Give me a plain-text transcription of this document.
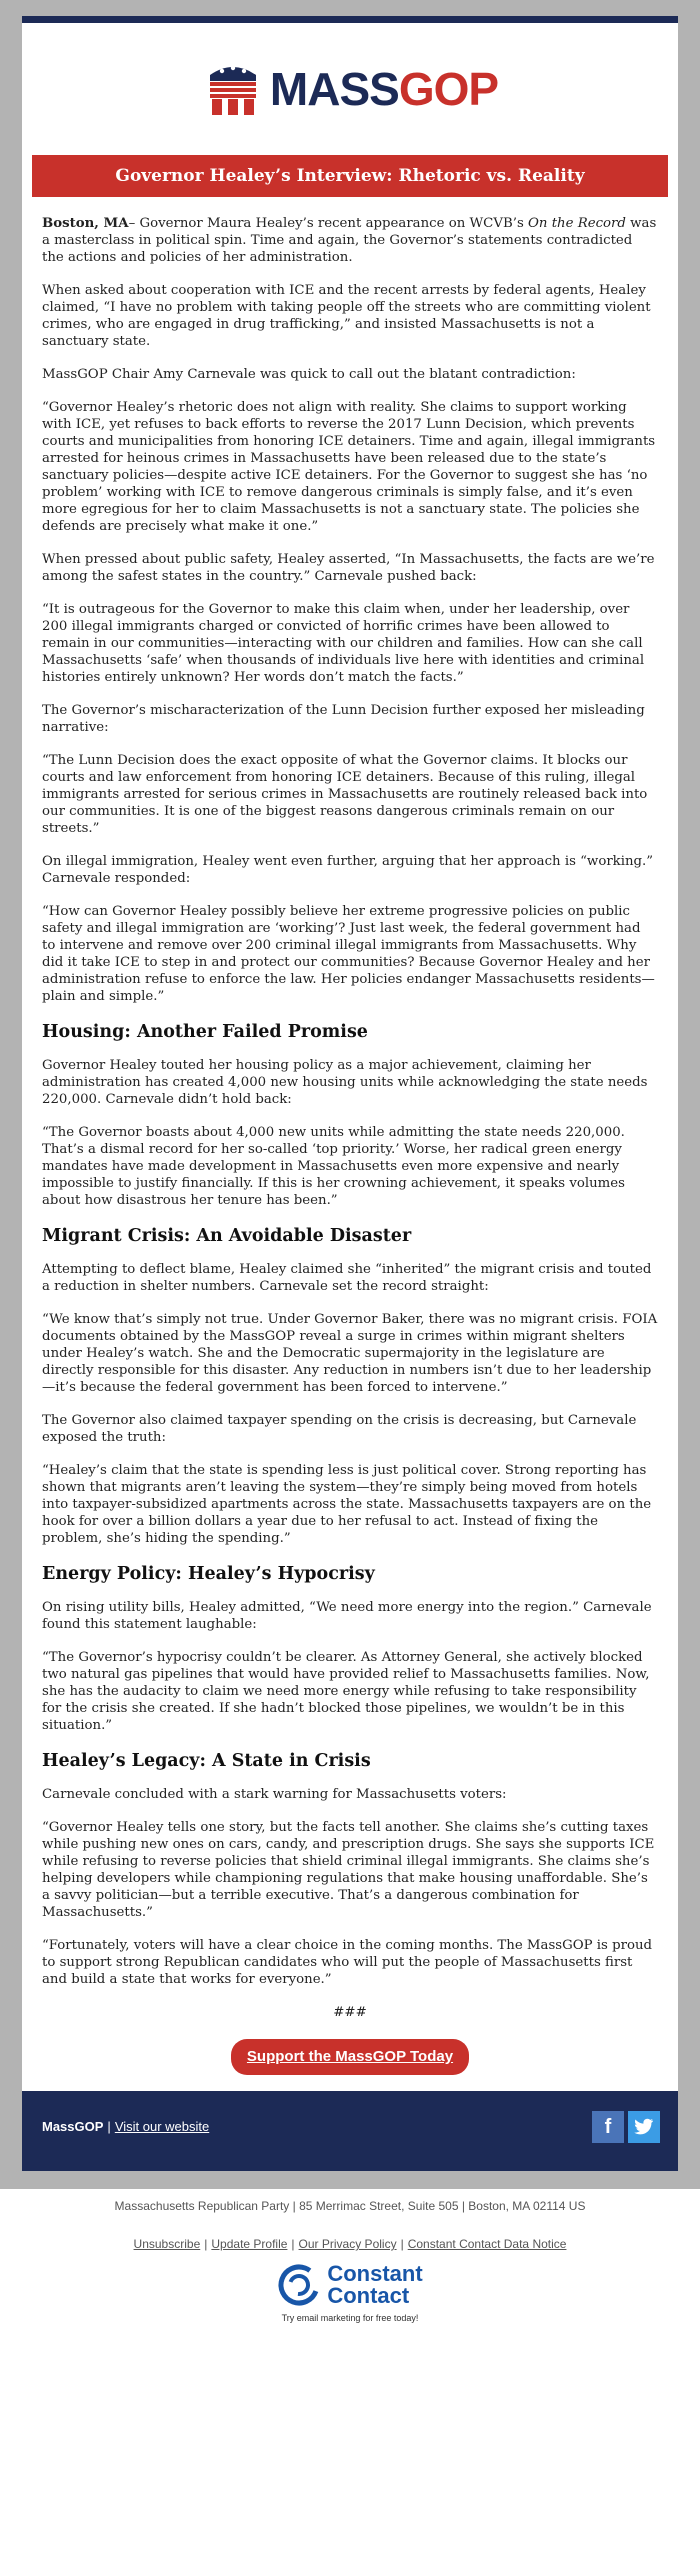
MASSGOP
Governor Healey’s Interview: Rhetoric vs. Reality

Boston, MA– Governor Maura Healey’s recent appearance on WCVB’s On the Record was a masterclass in political spin. Time and again, the Governor’s statements contradicted the actions and policies of her administration.

When asked about cooperation with ICE and the recent arrests by federal agents, Healey claimed, “I have no problem with taking people off the streets who are committing violent crimes, who are engaged in drug trafficking,” and insisted Massachusetts is not a sanctuary state.

MassGOP Chair Amy Carnevale was quick to call out the blatant contradiction:

“Governor Healey’s rhetoric does not align with reality. She claims to support working with ICE, yet refuses to back efforts to reverse the 2017 Lunn Decision, which prevents courts and municipalities from honoring ICE detainers. Time and again, illegal immigrants arrested for heinous crimes in Massachusetts have been released due to the state’s sanctuary policies—despite active ICE detainers. For the Governor to suggest she has ‘no problem’ working with ICE to remove dangerous criminals is simply false, and it’s even more egregious for her to claim Massachusetts is not a sanctuary state. The policies she defends are precisely what make it one.”

When pressed about public safety, Healey asserted, “In Massachusetts, the facts are we’re among the safest states in the country.” Carnevale pushed back:

“It is outrageous for the Governor to make this claim when, under her leadership, over 200 illegal immigrants charged or convicted of horrific crimes have been allowed to remain in our communities—interacting with our children and families. How can she call Massachusetts ‘safe’ when thousands of individuals live here with identities and criminal histories entirely unknown? Her words don’t match the facts.”

The Governor’s mischaracterization of the Lunn Decision further exposed her misleading narrative:

“The Lunn Decision does the exact opposite of what the Governor claims. It blocks our courts and law enforcement from honoring ICE detainers. Because of this ruling, illegal immigrants arrested for serious crimes in Massachusetts are routinely released back into our communities. It is one of the biggest reasons dangerous criminals remain on our streets.”

On illegal immigration, Healey went even further, arguing that her approach is “working.” Carnevale responded:

“How can Governor Healey possibly believe her extreme progressive policies on public safety and illegal immigration are ‘working’? Just last week, the federal government had to intervene and remove over 200 criminal illegal immigrants from Massachusetts. Why did it take ICE to step in and protect our communities? Because Governor Healey and her administration refuse to enforce the law. Her policies endanger Massachusetts residents—plain and simple.”

Housing: Another Failed Promise

Governor Healey touted her housing policy as a major achievement, claiming her administration has created 4,000 new housing units while acknowledging the state needs 220,000. Carnevale didn’t hold back:

“The Governor boasts about 4,000 new units while admitting the state needs 220,000. That’s a dismal record for her so-called ‘top priority.’ Worse, her radical green energy mandates have made development in Massachusetts even more expensive and nearly impossible to justify financially. If this is her crowning achievement, it speaks volumes about how disastrous her tenure has been.”

Migrant Crisis: An Avoidable Disaster

Attempting to deflect blame, Healey claimed she “inherited” the migrant crisis and touted a reduction in shelter numbers. Carnevale set the record straight:

“We know that’s simply not true. Under Governor Baker, there was no migrant crisis. FOIA documents obtained by the MassGOP reveal a surge in crimes within migrant shelters under Healey’s watch. She and the Democratic supermajority in the legislature are directly responsible for this disaster. Any reduction in numbers isn’t due to her leadership—it’s because the federal government has been forced to intervene.”

The Governor also claimed taxpayer spending on the crisis is decreasing, but Carnevale exposed the truth:

“Healey’s claim that the state is spending less is just political cover. Strong reporting has shown that migrants aren’t leaving the system—they’re simply being moved from hotels into taxpayer-subsidized apartments across the state. Massachusetts taxpayers are on the hook for over a billion dollars a year due to her refusal to act. Instead of fixing the problem, she’s hiding the spending.”

Energy Policy: Healey’s Hypocrisy

On rising utility bills, Healey admitted, “We need more energy into the region.” Carnevale found this statement laughable:

“The Governor’s hypocrisy couldn’t be clearer. As Attorney General, she actively blocked two natural gas pipelines that would have provided relief to Massachusetts families. Now, she has the audacity to claim we need more energy while refusing to take responsibility for the crisis she created. If she hadn’t blocked those pipelines, we wouldn’t be in this situation.”

Healey’s Legacy: A State in Crisis

Carnevale concluded with a stark warning for Massachusetts voters:

“Governor Healey tells one story, but the facts tell another. She claims she’s cutting taxes while pushing new ones on cars, candy, and prescription drugs. She says she supports ICE while refusing to reverse policies that shield criminal illegal immigrants. She claims she’s helping developers while championing regulations that make housing unaffordable. She’s a savvy politician—but a terrible executive. That’s a dangerous combination for Massachusetts.”

“Fortunately, voters will have a clear choice in the coming months. The MassGOP is proud to support strong Republican candidates who will put the people of Massachusetts first and build a state that works for everyone.”

###
Support the MassGOP Today
MassGOP | Visit our website	f
Massachusetts Republican Party | 85 Merrimac Street, Suite 505 | Boston, MA 02114 US
Unsubscribe | Update Profile | Our Privacy Policy | Constant Contact Data Notice
Constant
Contact
Try email marketing for free today!
